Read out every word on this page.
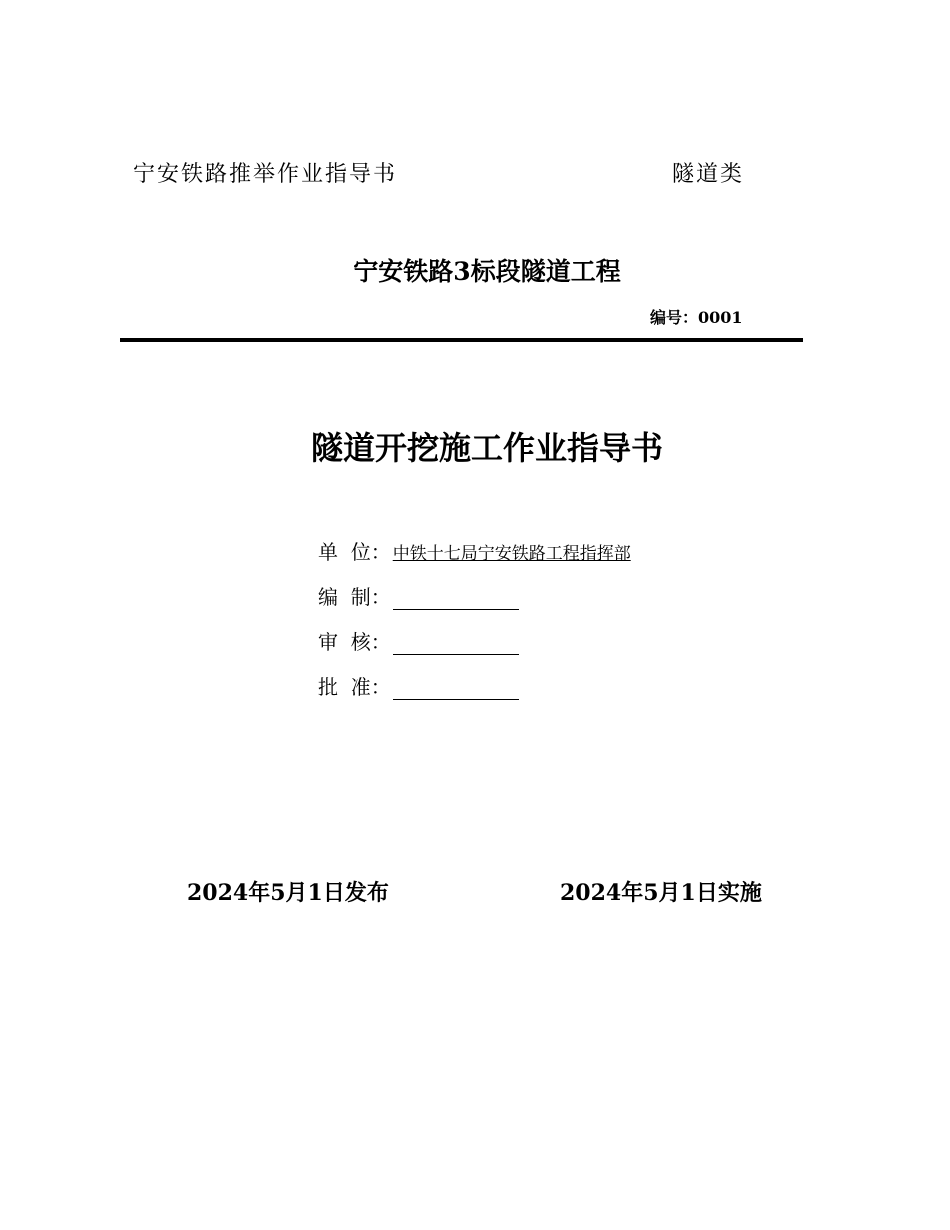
宁安铁路推举作业指导书	隧道类
宁安铁路3标段隧道工程
编号：0001
隧道开挖施工作业指导书
单  位： 中铁十七局宁安铁路工程指挥部
编  制：
审  核：
批  准：
2024年5月1日发布	2024年5月1日实施
